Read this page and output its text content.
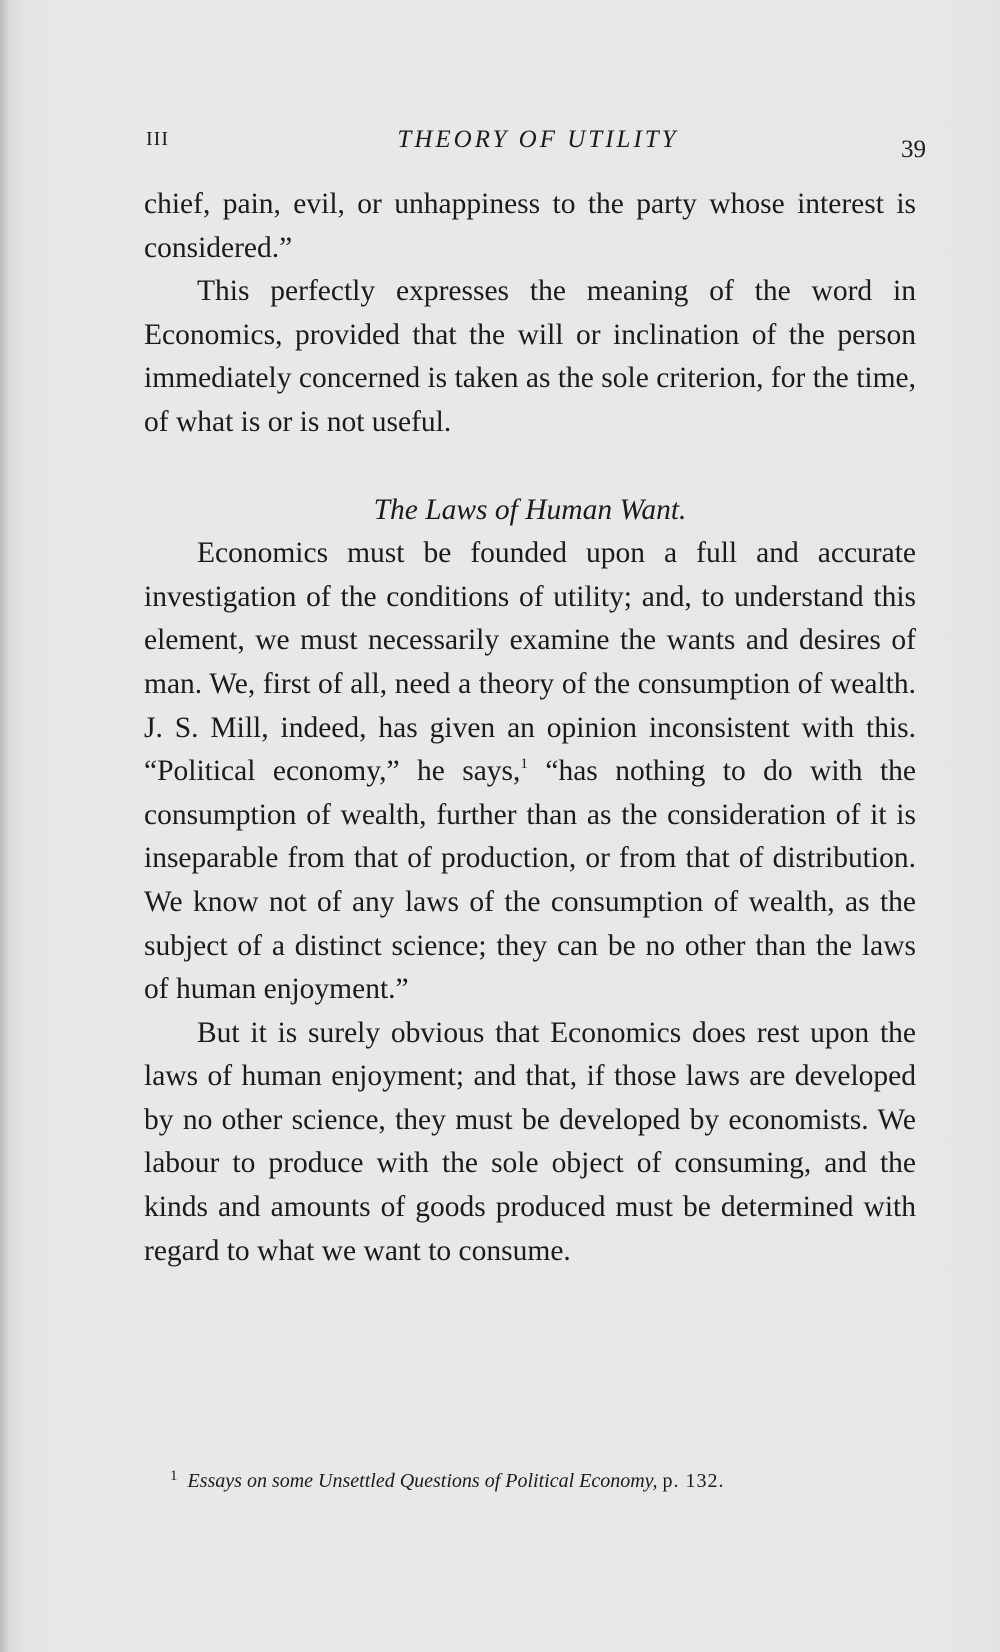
III	THEORY OF UTILITY	39

chief, pain, evil, or unhappiness to the party whose interest is considered.”

This perfectly expresses the meaning of the word in Economics, provided that the will or inclination of the person immediately concerned is taken as the sole criterion, for the time, of what is or is not useful.

The Laws of Human Want.

Economics must be founded upon a full and accurate investigation of the conditions of utility; and, to understand this element, we must necessarily examine the wants and desires of man. We, first of all, need a theory of the consumption of wealth. J. S. Mill, indeed, has given an opinion inconsistent with this. “Political economy,” he says,$^1$ “has nothing to do with the consumption of wealth, further than as the consideration of it is inseparable from that of production, or from that of distribution. We know not of any laws of the consumption of wealth, as the subject of a distinct science; they can be no other than the laws of human enjoyment.”

But it is surely obvious that Economics does rest upon the laws of human enjoyment; and that, if those laws are developed by no other science, they must be developed by economists. We labour to produce with the sole object of consuming, and the kinds and amounts of goods produced must be determined with regard to what we want to consume.

$^1$ Essays on some Unsettled Questions of Political Economy, p. 132.
